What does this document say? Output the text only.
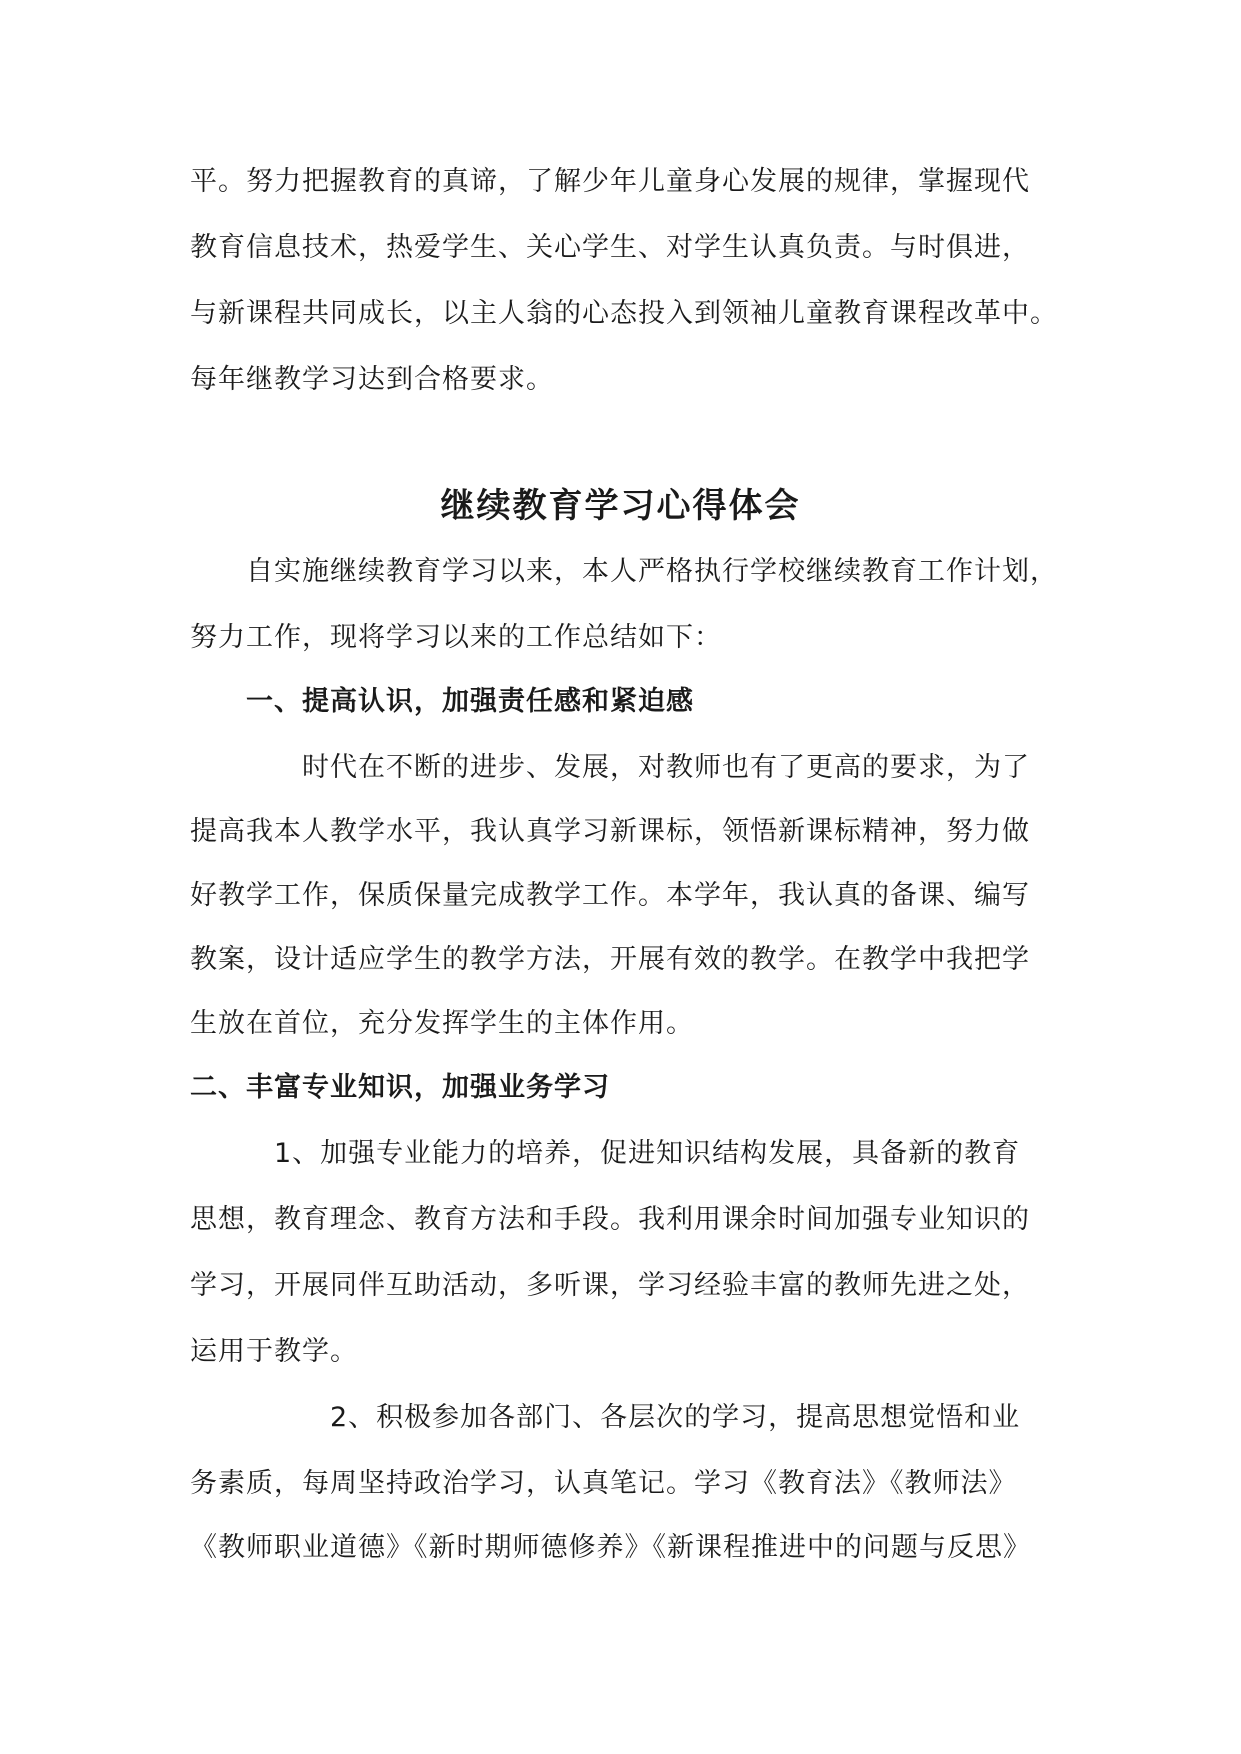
平。努力把握教育的真谛，了解少年儿童身心发展的规律，掌握现代
教育信息技术，热爱学生、关心学生、对学生认真负责。与时俱进，
与新课程共同成长，以主人翁的心态投入到领袖儿童教育课程改革中。
每年继教学习达到合格要求。
继续教育学习心得体会
自实施继续教育学习以来，本人严格执行学校继续教育工作计划，
努力工作，现将学习以来的工作总结如下：
一、提高认识，加强责任感和紧迫感
时代在不断的进步、发展，对教师也有了更高的要求，为了
提高我本人教学水平，我认真学习新课标，领悟新课标精神，努力做
好教学工作，保质保量完成教学工作。本学年，我认真的备课、编写
教案，设计适应学生的教学方法，开展有效的教学。在教学中我把学
生放在首位，充分发挥学生的主体作用。
二、丰富专业知识，加强业务学习
1、加强专业能力的培养，促进知识结构发展，具备新的教育
思想，教育理念、教育方法和手段。我利用课余时间加强专业知识的
学习，开展同伴互助活动，多听课，学习经验丰富的教师先进之处，
运用于教学。
2、积极参加各部门、各层次的学习，提高思想觉悟和业
务素质，每周坚持政治学习，认真笔记。学习《教育法》《教师法》
《教师职业道德》《新时期师德修养》《新课程推进中的问题与反思》
